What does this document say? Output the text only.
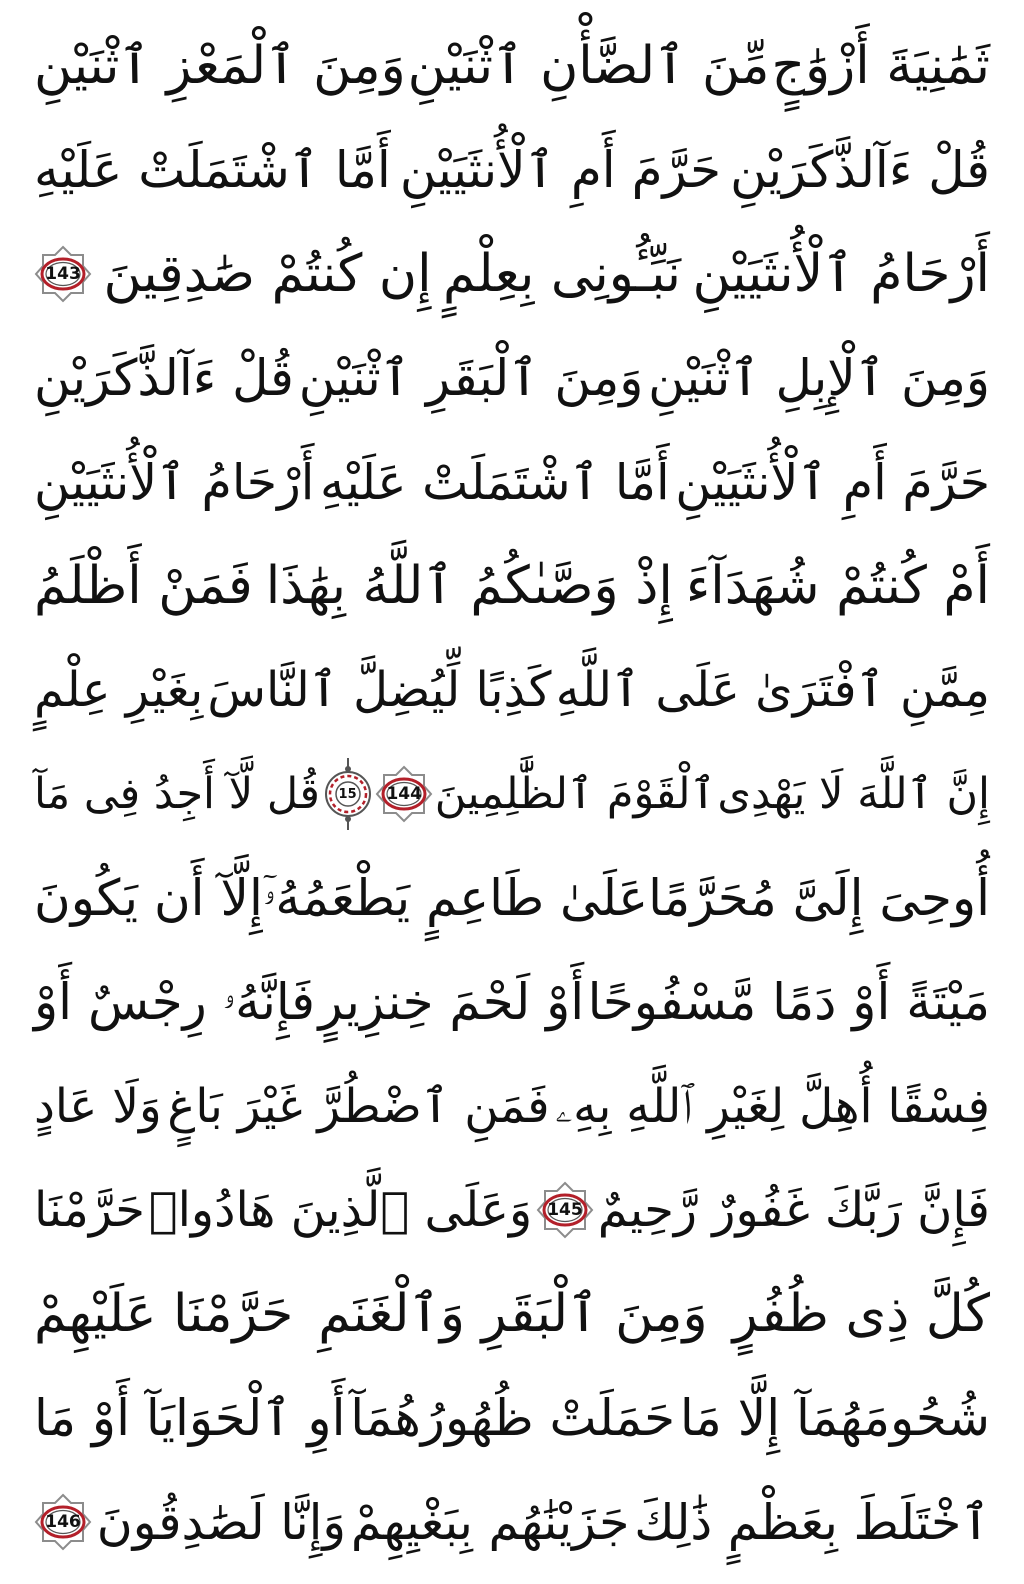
ثَمَٰنِيَةَ أَزْوَٰجٍ
مِّنَ ٱلضَّأْنِ ٱثْنَيْنِ
وَمِنَ ٱلْمَعْزِ ٱثْنَيْنِ
قُلْ ءَآلذَّكَرَيْنِ
حَرَّمَ أَمِ ٱلْأُنثَيَيْنِ
أَمَّا ٱشْتَمَلَتْ عَلَيْهِ
أَرْحَامُ ٱلْأُنثَيَيْنِ
نَبِّـُٔونِى بِعِلْمٍ
إِن كُنتُمْ صَٰدِقِينَ
143
وَمِنَ ٱلْإِبِلِ ٱثْنَيْنِ
وَمِنَ ٱلْبَقَرِ ٱثْنَيْنِ
قُلْ ءَآلذَّكَرَيْنِ
حَرَّمَ أَمِ ٱلْأُنثَيَيْنِ
أَمَّا ٱشْتَمَلَتْ عَلَيْهِ
أَرْحَامُ ٱلْأُنثَيَيْنِ
أَمْ كُنتُمْ شُهَدَآءَ
إِذْ وَصَّىٰكُمُ ٱللَّهُ بِهَٰذَا
فَمَنْ أَظْلَمُ
مِمَّنِ ٱفْتَرَىٰ عَلَى ٱللَّهِ
كَذِبًا لِّيُضِلَّ ٱلنَّاسَ
بِغَيْرِ عِلْمٍ
إِنَّ ٱللَّهَ لَا يَهْدِى
ٱلْقَوْمَ ٱلظَّٰلِمِينَ
144
15
قُل لَّآ أَجِدُ فِى مَآ
أُوحِىَ إِلَىَّ مُحَرَّمًا
عَلَىٰ طَاعِمٍ يَطْعَمُهُۥٓ
إِلَّآ أَن يَكُونَ
مَيْتَةً أَوْ دَمًا مَّسْفُوحًا
أَوْ لَحْمَ خِنزِيرٍ
فَإِنَّهُۥ رِجْسٌ أَوْ
فِسْقًا أُهِلَّ لِغَيْرِ ٱللَّهِ بِهِۦ
فَمَنِ ٱضْطُرَّ غَيْرَ بَاغٍ
وَلَا عَادٍ
فَإِنَّ رَبَّكَ غَفُورٌ رَّحِيمٌ
145
وَعَلَى ٱلَّذِينَ هَادُوا۟
حَرَّمْنَا
كُلَّ ذِى ظُفُرٍ
وَمِنَ ٱلْبَقَرِ وَٱلْغَنَمِ
حَرَّمْنَا عَلَيْهِمْ
شُحُومَهُمَآ إِلَّا مَا
حَمَلَتْ ظُهُورُهُمَآ
أَوِ ٱلْحَوَايَآ أَوْ مَا
ٱخْتَلَطَ بِعَظْمٍ ذَٰلِكَ
جَزَيْنَٰهُم بِبَغْيِهِمْ
وَإِنَّا لَصَٰدِقُونَ
146
